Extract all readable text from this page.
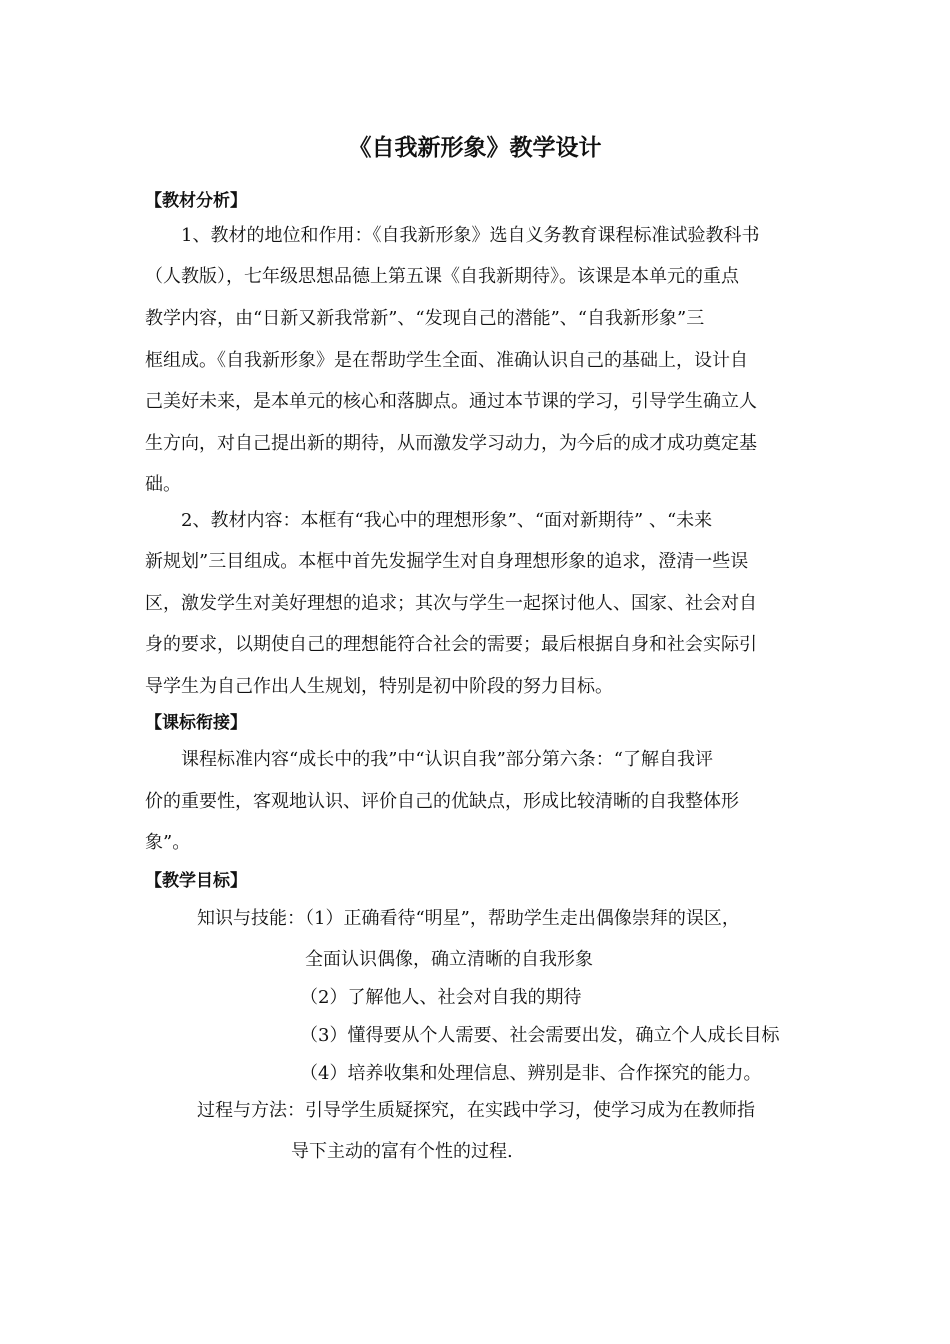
《自我新形象》教学设计
【教材分析】
1、教材的地位和作用：《自我新形象》选自义务教育课程标准试验教科书
（人教版），七年级思想品德上第五课《自我新期待》。该课是本单元的重点
教学内容，由“日新又新我常新”、“发现自己的潜能”、“自我新形象”三
框组成。《自我新形象》是在帮助学生全面、准确认识自己的基础上，设计自
己美好未来，是本单元的核心和落脚点。通过本节课的学习，引导学生确立人
生方向，对自己提出新的期待，从而激发学习动力，为今后的成才成功奠定基
础。
2、教材内容：本框有“我心中的理想形象”、“面对新期待” 、“未来
新规划”三目组成。本框中首先发掘学生对自身理想形象的追求，澄清一些误
区，激发学生对美好理想的追求；其次与学生一起探讨他人、国家、社会对自
身的要求，以期使自己的理想能符合社会的需要；最后根据自身和社会实际引
导学生为自己作出人生规划，特别是初中阶段的努力目标。
【课标衔接】
课程标准内容“成长中的我”中“认识自我”部分第六条：“了解自我评
价的重要性，客观地认识、评价自己的优缺点，形成比较清晰的自我整体形
象”。
【教学目标】
知识与技能：（1）正确看待“明星”，帮助学生走出偶像崇拜的误区，
全面认识偶像，确立清晰的自我形象
（2）了解他人、社会对自我的期待
（3）懂得要从个人需要、社会需要出发，确立个人成长目标
（4）培养收集和处理信息、辨别是非、合作探究的能力。
过程与方法：引导学生质疑探究，在实践中学习，使学习成为在教师指
导下主动的富有个性的过程.
